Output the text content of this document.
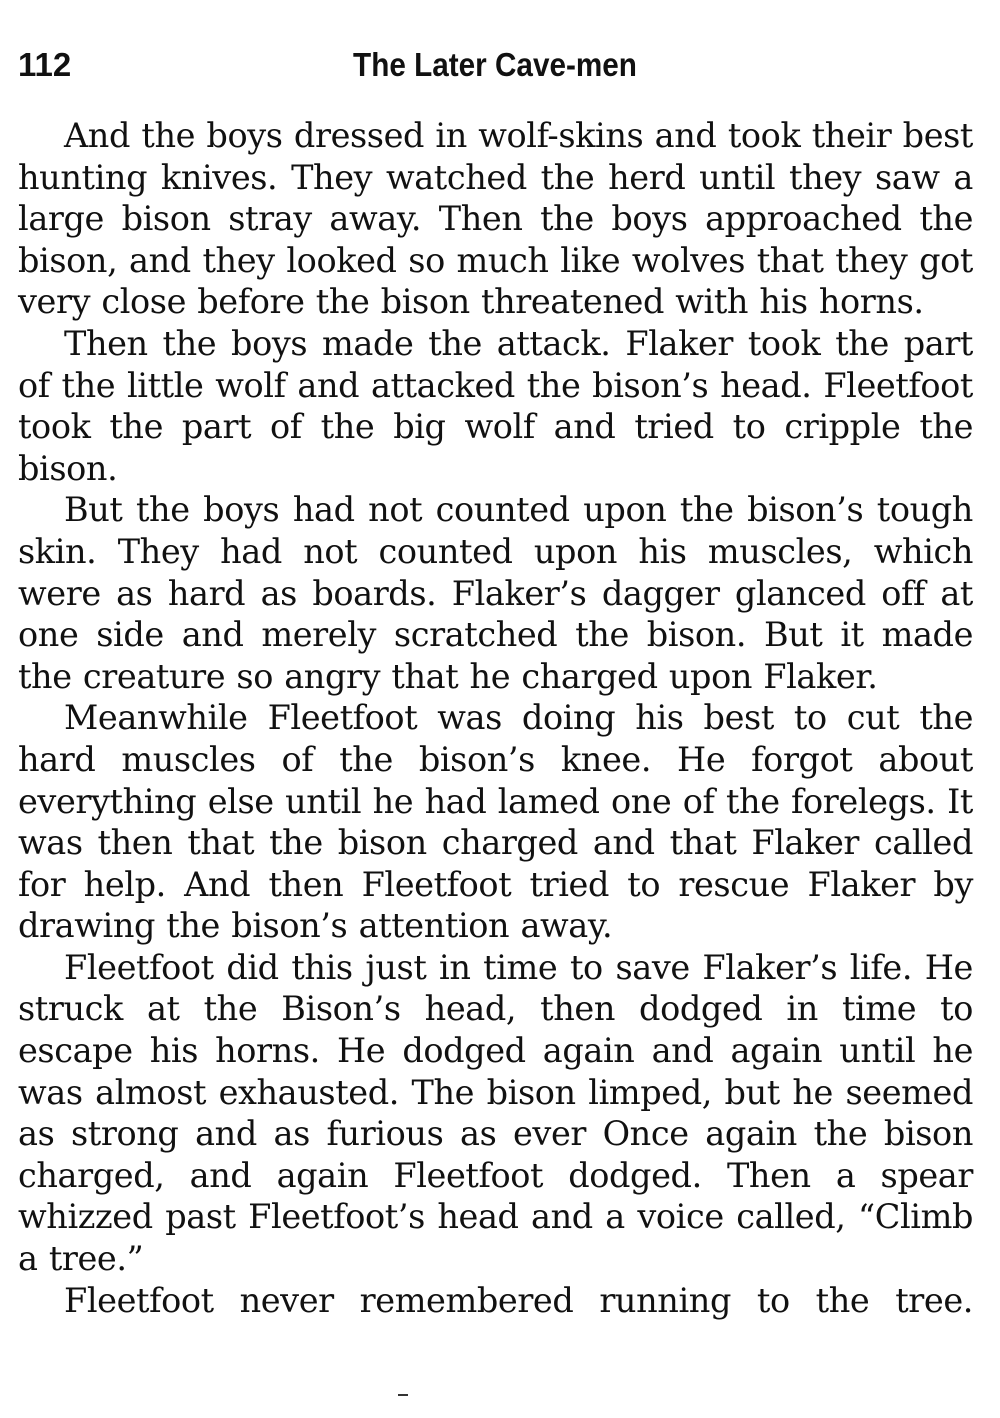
112	The Later Cave-men

And the boys dressed in wolf-skins and took their best hunting knives. They watched the herd until they saw a large bison stray away. Then the boys approached the bison, and they looked so much like wolves that they got very close before the bison threatened with his horns.

Then the boys made the attack. Flaker took the part of the little wolf and attacked the bison’s head. Fleetfoot took the part of the big wolf and tried to cripple the bison.

But the boys had not counted upon the bison’s tough skin. They had not counted upon his muscles, which were as hard as boards. Flaker’s dagger glanced off at one side and merely scratched the bison. But it made the creature so angry that he charged upon Flaker.

Meanwhile Fleetfoot was doing his best to cut the hard muscles of the bison’s knee. He forgot about everything else until he had lamed one of the forelegs. It was then that the bison charged and that Flaker called for help. And then Fleetfoot tried to rescue Flaker by drawing the bison’s attention away.

Fleetfoot did this just in time to save Flaker’s life. He struck at the Bison’s head, then dodged in time to escape his horns. He dodged again and again until he was almost exhausted. The bison limped, but he seemed as strong and as furious as ever Once again the bison charged, and again Fleetfoot dodged. Then a spear whizzed past Fleetfoot’s head and a voice called, “Climb a tree.”

Fleetfoot never remembered running to the tree.
